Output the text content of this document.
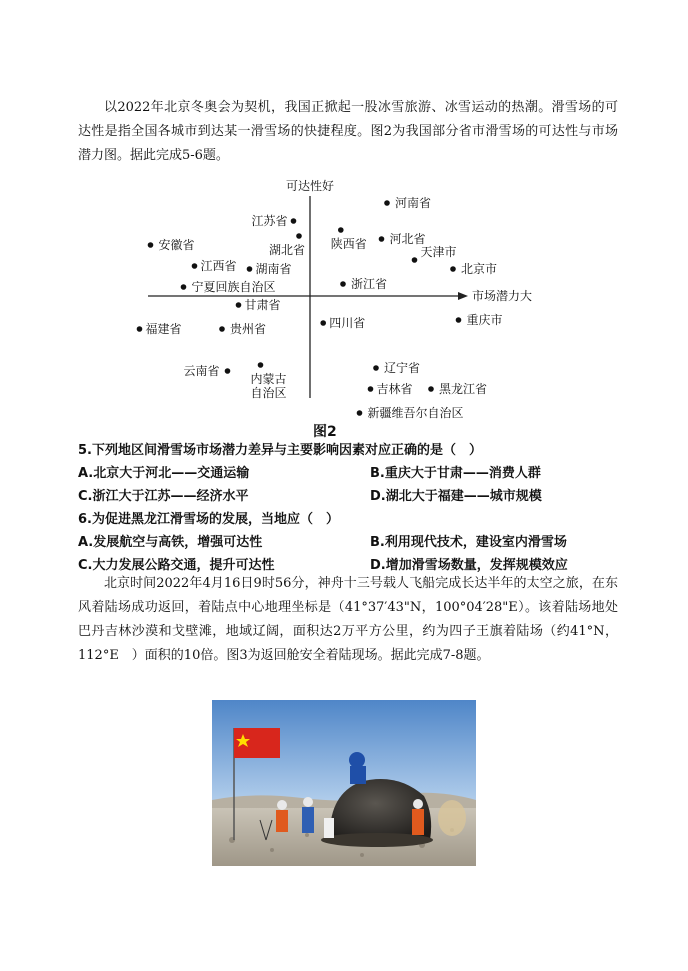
以2022年北京冬奥会为契机，我国正掀起一股冰雪旅游、冰雪运动的热潮。滑雪场的可达性是指全国各城市到达某一滑雪场的快捷程度。图2为我国部分省市滑雪场的可达性与市场潜力图。据此完成5-6题。
可达性好
市场潜力大
江苏省
湖北省
河南省
陕西省 河北省
天津市
北京市
安徽省
江西省 湖南省
宁夏回族自治区	浙江省
甘肃省
贵州省
福建省	四川省	重庆市
云南省
内蒙古自治区
辽宁省
吉林省 黑龙江省
新疆维吾尔自治区
图2
5.下列地区间滑雪场市场潜力差异与主要影响因素对应正确的是（　）
A.北京大于河北——交通运输	B.重庆大于甘肃——消费人群
C.浙江大于江苏——经济水平	D.湖北大于福建——城市规模
6.为促进黑龙江滑雪场的发展，当地应（　）
A.发展航空与高铁，增强可达性	B.利用现代技术，建设室内滑雪场
C.大力发展公路交通，提升可达性	D.增加滑雪场数量，发挥规模效应
北京时间2022年4月16日9时56分，神舟十三号载人飞船完成长达半年的太空之旅，在东风着陆场成功返回，着陆点中心地理坐标是（41°37′43"N，100°04′28"E）。该着陆场地处巴丹吉林沙漠和戈壁滩，地域辽阔，面积达2万平方公里，约为四子王旗着陆场（约41°N，112°E　）面积的10倍。图3为返回舱安全着陆现场。据此完成7-8题。
